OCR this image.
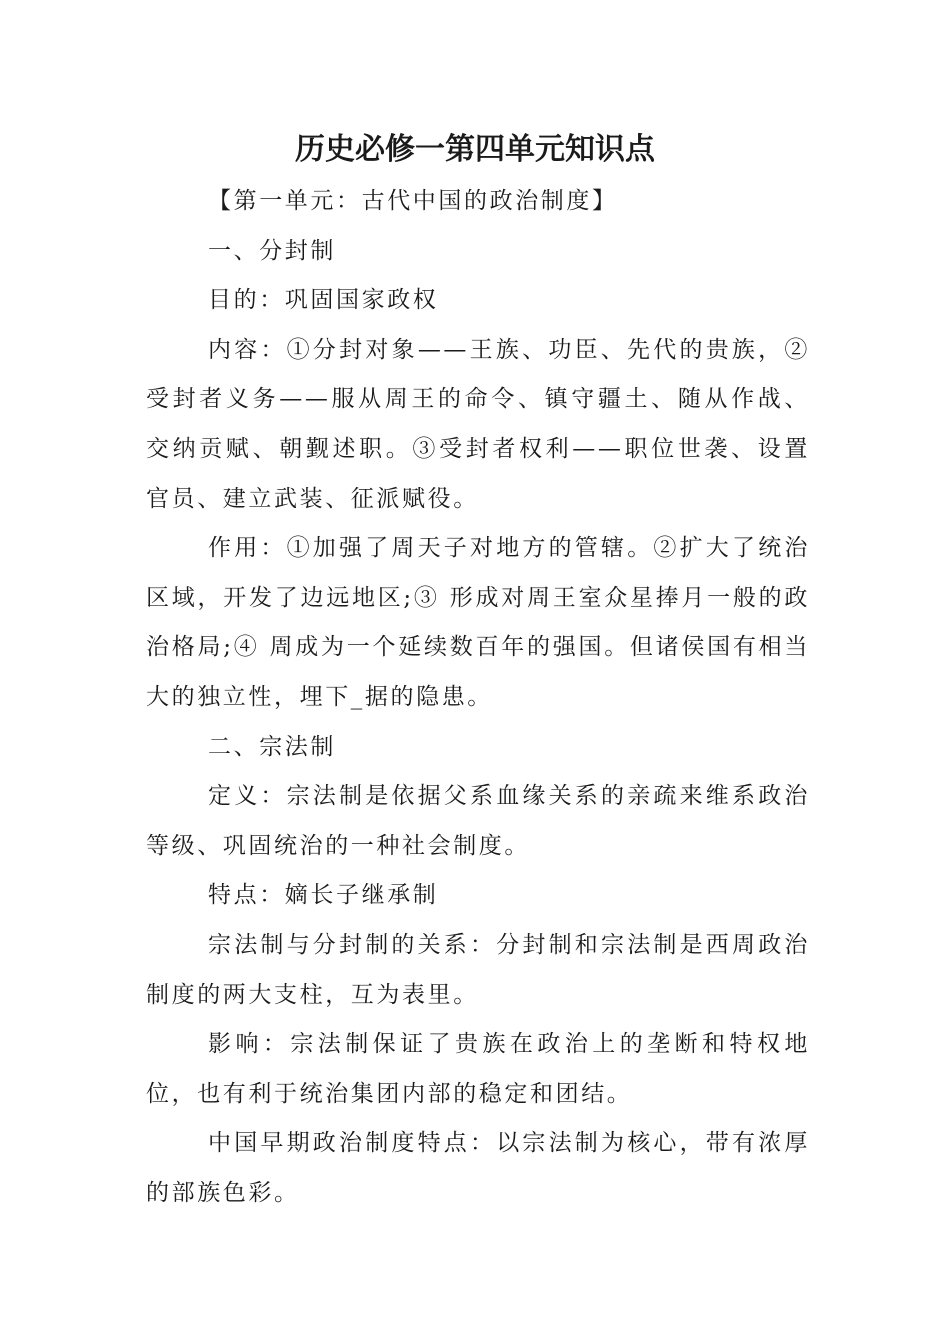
历史必修一第四单元知识点

【第一单元：古代中国的政治制度】

一、分封制

目的：巩固国家政权

内容：①分封对象——王族、功臣、先代的贵族，②受封者义务——服从周王的命令、镇守疆土、随从作战、交纳贡赋、朝觐述职。③受封者权利——职位世袭、设置官员、建立武装、征派赋役。

作用：①加强了周天子对地方的管辖。②扩大了统治区域，开发了边远地区;③ 形成对周王室众星捧月一般的政治格局;④ 周成为一个延续数百年的强国。但诸侯国有相当大的独立性，埋下_据的隐患。

二、宗法制

定义：宗法制是依据父系血缘关系的亲疏来维系政治等级、巩固统治的一种社会制度。

特点：嫡长子继承制

宗法制与分封制的关系：分封制和宗法制是西周政治制度的两大支柱，互为表里。

影响：宗法制保证了贵族在政治上的垄断和特权地位，也有利于统治集团内部的稳定和团结。

中国早期政治制度特点：以宗法制为核心，带有浓厚的部族色彩。
